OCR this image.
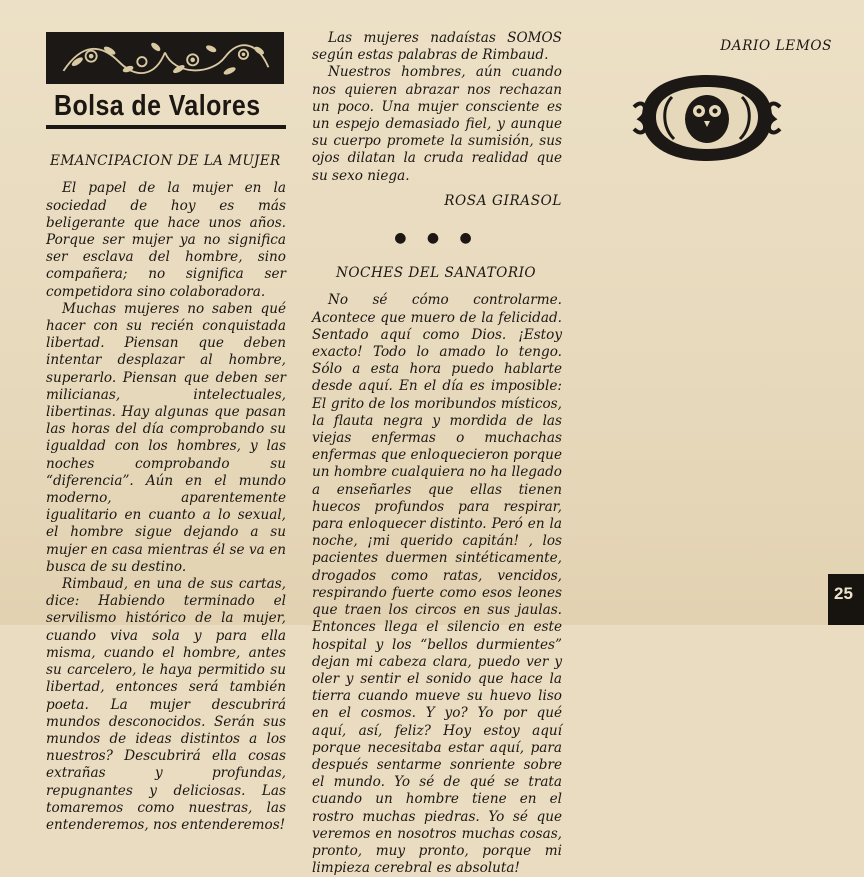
Bolsa de Valores

EMANCIPACION DE LA MUJER

El papel de la mujer en la sociedad de hoy es más beligerante que hace unos años. Porque ser mujer ya no significa ser esclava del hombre, sino compañera; no significa ser competidora sino colaboradora.

Muchas mujeres no saben qué hacer con su recién conquistada libertad. Piensan que deben intentar desplazar al hombre, superarlo. Piensan que deben ser milicianas, intelectuales, libertinas. Hay algunas que pasan las horas del día comprobando su igualdad con los hombres, y las noches comprobando su “diferencia”. Aún en el mundo moderno, aparentemente igualitario en cuanto a lo sexual, el hombre sigue dejando a su mujer en casa mientras él se va en busca de su destino.

Rimbaud, en una de sus cartas, dice: Habiendo terminado el servilismo histórico de la mujer, cuando viva sola y para ella misma, cuando el hombre, antes su carcelero, le haya permitido su libertad, entonces será también poeta. La mujer descubrirá mundos desconocidos. Serán sus mundos de ideas distintos a los nuestros? Descubrirá ella cosas extrañas y profundas, repugnantes y deliciosas. Las tomaremos como nuestras, las entenderemos, nos entenderemos!

Las mujeres nadaístas SOMOS según estas palabras de Rimbaud.

Nuestros hombres, aún cuando nos quieren abrazar nos rechazan un poco. Una mujer consciente es un espejo demasiado fiel, y aunque su cuerpo promete la sumisión, sus ojos dilatan la cruda realidad que su sexo niega.

ROSA GIRASOL

● ● ●

NOCHES DEL SANATORIO

No sé cómo controlarme. Acontece que muero de la felicidad. Sentado aquí como Dios. ¡Estoy exacto! Todo lo amado lo tengo. Sólo a esta hora puedo hablarte desde aquí. En el día es imposible: El grito de los moribundos místicos, la flauta negra y mordida de las viejas enfermas o muchachas enfermas que enloquecieron porque un hombre cualquiera no ha llegado a enseñarles que ellas tienen huecos profundos para respirar, para enloquecer distinto. Peró en la noche, ¡mi querido capitán! , los pacientes duermen sintéticamente, drogados como ratas, vencidos, respirando fuerte como esos leones que traen los circos en sus jaulas. Entonces llega el silencio en este hospital y los “bellos durmientes” dejan mi cabeza clara, puedo ver y oler y sentir el sonido que hace la tierra cuando mueve su huevo liso en el cosmos. Y yo? Yo por qué aquí, así, feliz? Hoy estoy aquí porque necesitaba estar aquí, para después sentarme sonriente sobre el mundo. Yo sé de qué se trata cuando un hombre tiene en el rostro muchas piedras. Yo sé que veremos en nosotros muchas cosas, pronto, muy pronto, porque mi limpieza cerebral es absoluta!

DARIO LEMOS

25
